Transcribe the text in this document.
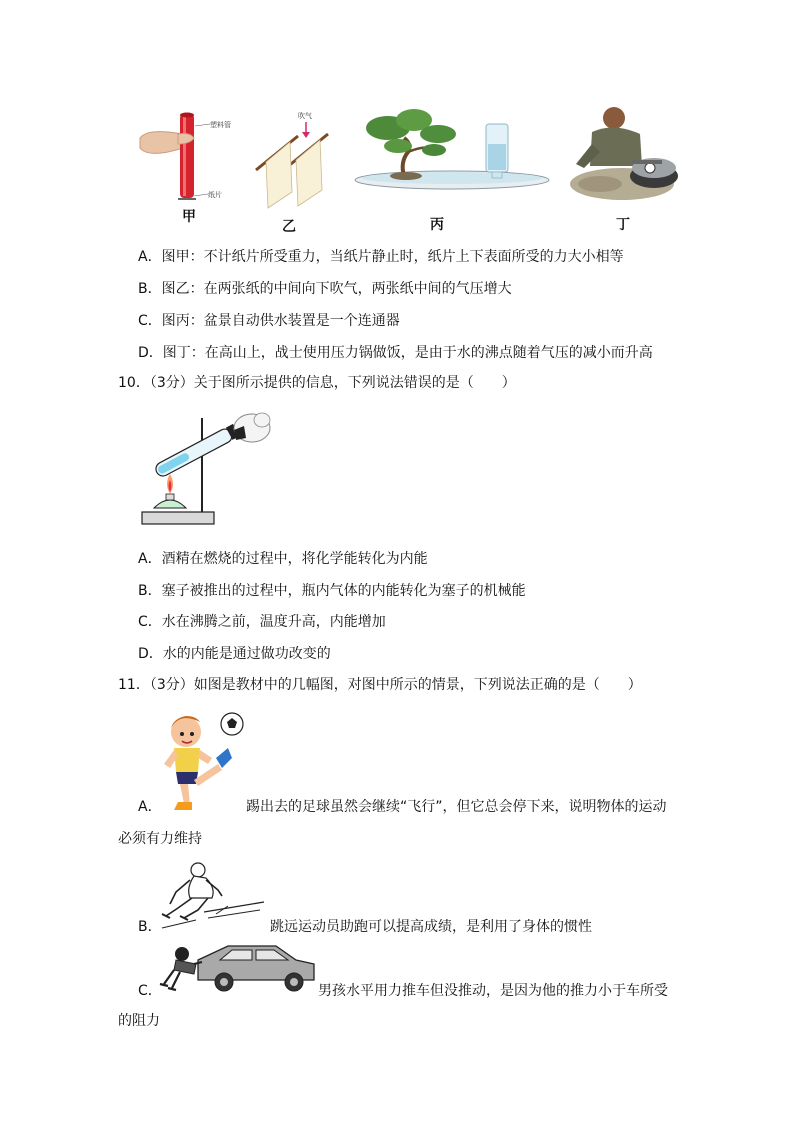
塑料管
纸片
甲
吹气
乙	丙	丁
A．图甲：不计纸片所受重力，当纸片静止时，纸片上下表面所受的力大小相等
B．图乙：在两张纸的中间向下吹气，两张纸中间的气压增大
C．图丙：盆景自动供水装置是一个连通器
D．图丁：在高山上，战士使用压力锅做饭，是由于水的沸点随着气压的减小而升高
10．（3分）关于图所示提供的信息，下列说法错误的是（　　）
A．酒精在燃烧的过程中，将化学能转化为内能
B．塞子被推出的过程中，瓶内气体的内能转化为塞子的机械能
C．水在沸腾之前，温度升高，内能增加
D．水的内能是通过做功改变的
11．（3分）如图是教材中的几幅图，对图中所示的情景，下列说法正确的是（　　）
A．	踢出去的足球虽然会继续“飞行”，但它总会停下来，说明物体的运动
必须有力维持
B．	跳远运动员助跑可以提高成绩，是利用了身体的惯性
C．	男孩水平用力推车但没推动，是因为他的推力小于车所受
的阻力
